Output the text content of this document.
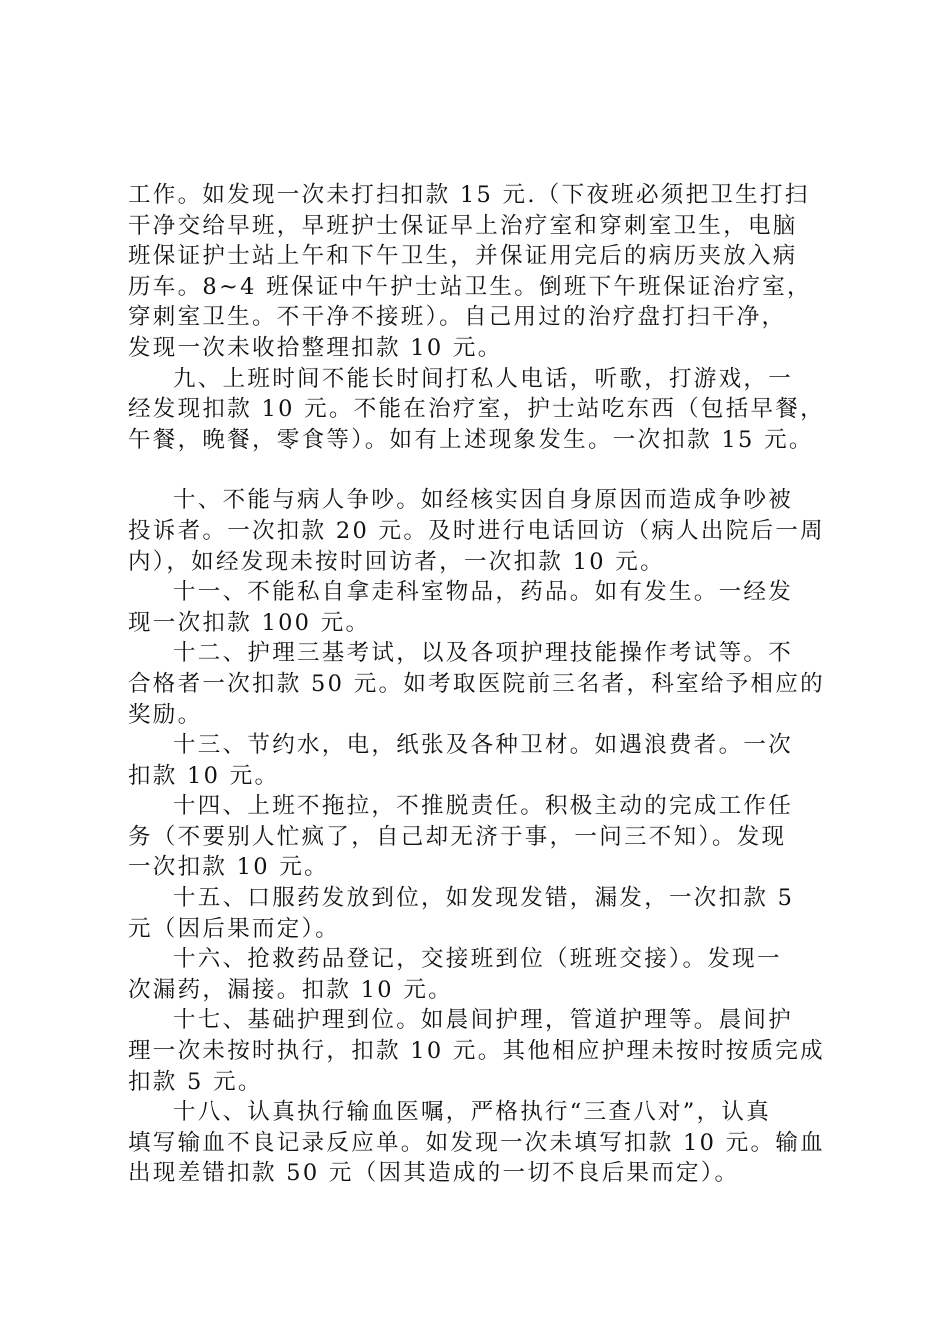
工作。如发现一次未打扫扣款 15 元.（下夜班必须把卫生打扫
干净交给早班，早班护士保证早上治疗室和穿刺室卫生，电脑
班保证护士站上午和下午卫生，并保证用完后的病历夹放入病
历车。8~4 班保证中午护士站卫生。倒班下午班保证治疗室，
穿刺室卫生。不干净不接班）。自己用过的治疗盘打扫干净，
发现一次未收拾整理扣款 10 元。

九、上班时间不能长时间打私人电话，听歌，打游戏，一
经发现扣款 10 元。不能在治疗室，护士站吃东西（包括早餐，
午餐，晚餐，零食等）。如有上述现象发生。一次扣款 15 元。

十、不能与病人争吵。如经核实因自身原因而造成争吵被
投诉者。一次扣款 20 元。及时进行电话回访（病人出院后一周
内），如经发现未按时回访者，一次扣款 10 元。

十一、不能私自拿走科室物品，药品。如有发生。一经发
现一次扣款 100 元。

十二、护理三基考试，以及各项护理技能操作考试等。不
合格者一次扣款 50 元。如考取医院前三名者，科室给予相应的
奖励。

十三、节约水，电，纸张及各种卫材。如遇浪费者。一次
扣款 10 元。

十四、上班不拖拉，不推脱责任。积极主动的完成工作任
务（不要别人忙疯了，自己却无济于事，一问三不知）。发现
一次扣款 10 元。

十五、口服药发放到位，如发现发错，漏发，一次扣款 5
元（因后果而定）。

十六、抢救药品登记，交接班到位（班班交接）。发现一
次漏药，漏接。扣款 10 元。

十七、基础护理到位。如晨间护理，管道护理等。晨间护
理一次未按时执行，扣款 10 元。其他相应护理未按时按质完成
扣款 5 元。

十八、认真执行输血医嘱，严格执行“三查八对”，认真
填写输血不良记录反应单。如发现一次未填写扣款 10 元。输血
出现差错扣款 50 元（因其造成的一切不良后果而定）。
